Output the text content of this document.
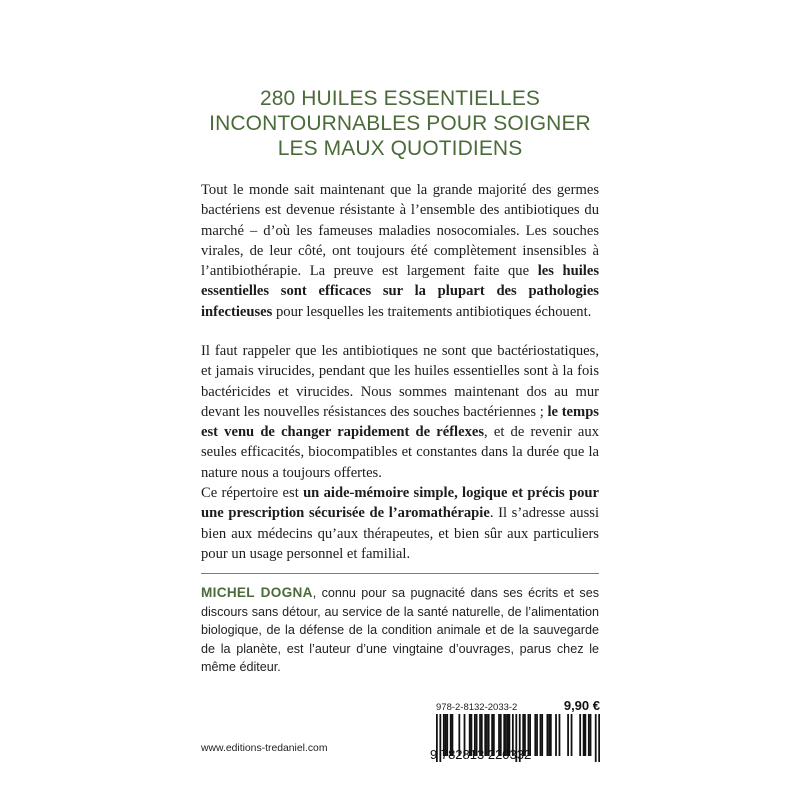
280 HUILES ESSENTIELLES
INCONTOURNABLES POUR SOIGNER
LES MAUX QUOTIDIENS

Tout le monde sait maintenant que la grande majorité des germes bactériens est devenue résistante à l’ensemble des antibiotiques du marché – d’où les fameuses maladies nosocomiales. Les souches virales, de leur côté, ont toujours été complètement insensibles à l’antibiothérapie. La preuve est largement faite que les huiles essentielles sont efficaces sur la plupart des pathologies infectieuses pour lesquelles les traitements antibiotiques échouent.

Il faut rappeler que les antibiotiques ne sont que bactériostatiques, et jamais virucides, pendant que les huiles essentielles sont à la fois bactéricides et virucides. Nous sommes maintenant dos au mur devant les nouvelles résistances des souches bactériennes ; le temps est venu de changer rapidement de réflexes, et de revenir aux seules efficacités, biocompatibles et constantes dans la durée que la nature nous a toujours offertes.

Ce répertoire est un aide-mémoire simple, logique et précis pour une prescription sécurisée de l’aromathérapie. Il s’adresse aussi bien aux médecins qu’aux thérapeutes, et bien sûr aux particuliers pour un usage personnel et familial.

MICHEL DOGNA, connu pour sa pugnacité dans ses écrits et ses discours sans détour, au service de la santé naturelle, de l’alimentation biologique, de la défense de la condition animale et de la sauvegarde de la planète, est l’auteur d’une vingtaine d’ouvrages, parus chez le même éditeur.

978-2-8132-2033-2	9,90 €
9 782813 220332
www.editions-tredaniel.com
